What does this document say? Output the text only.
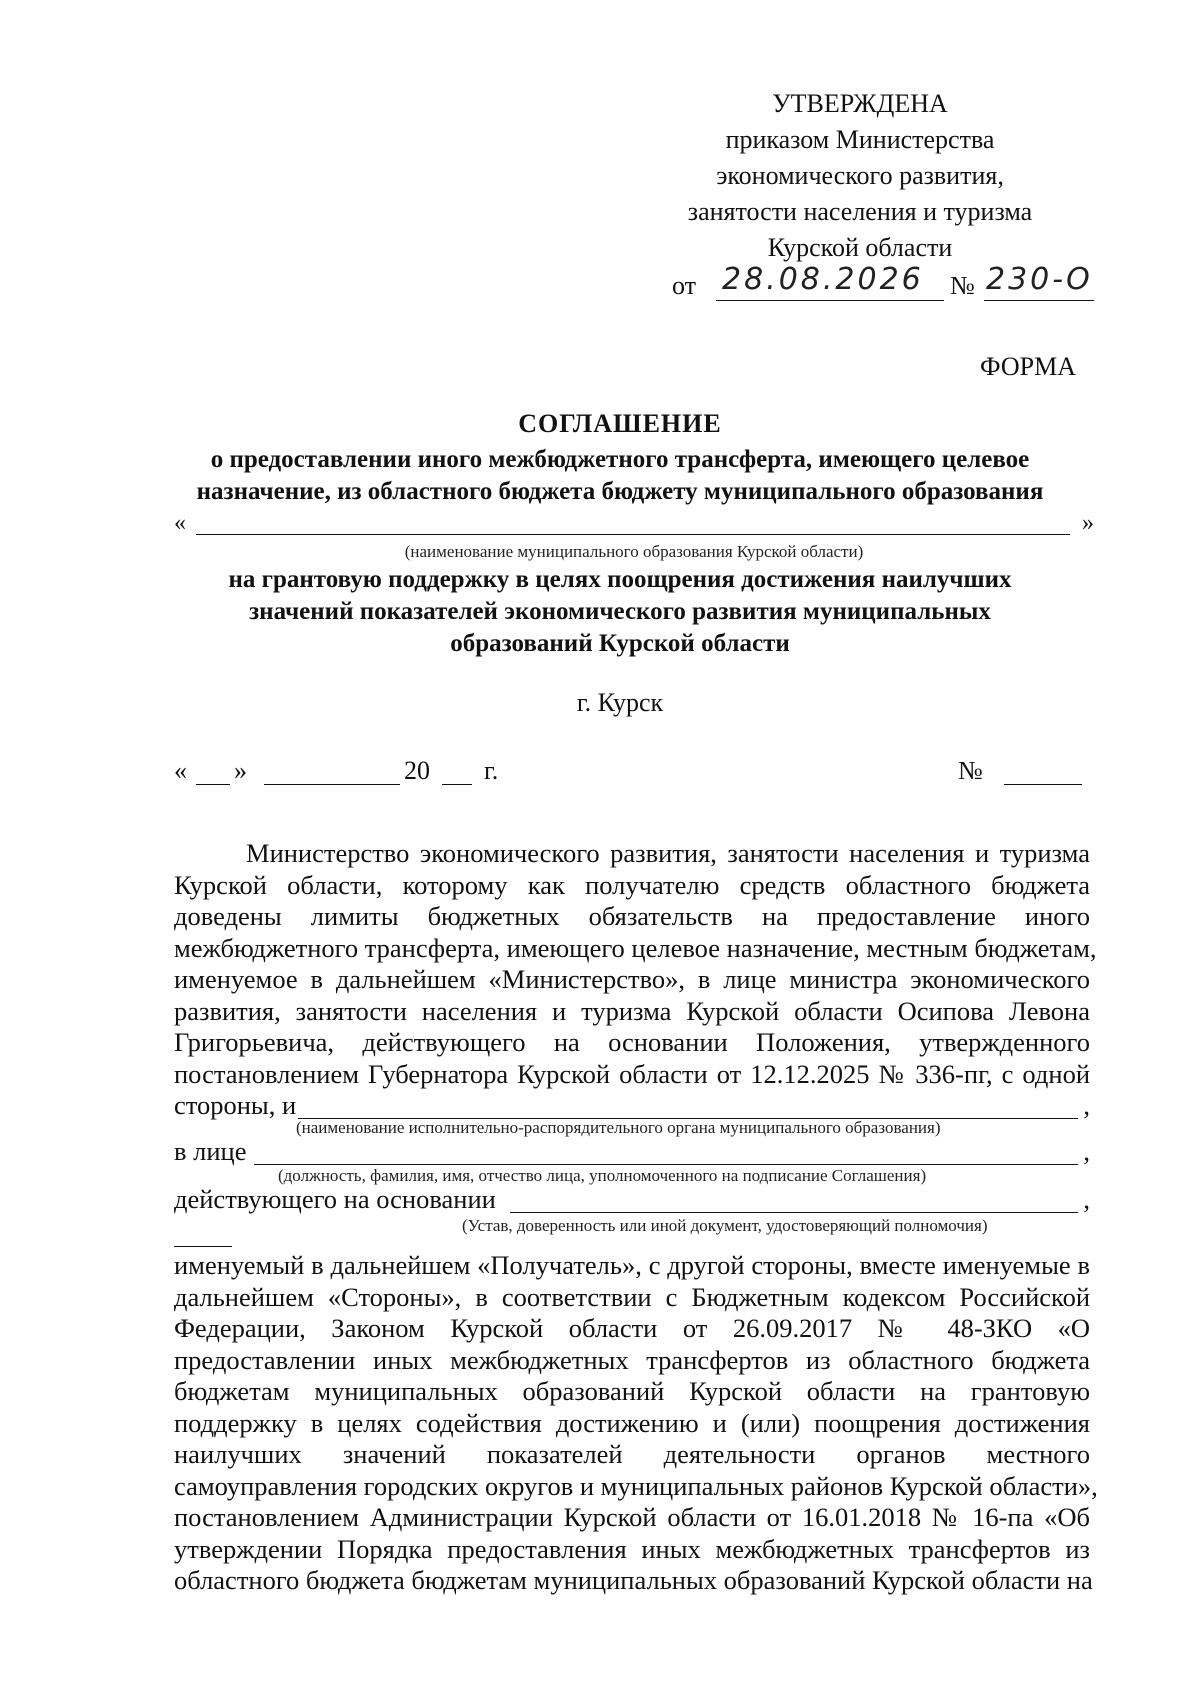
УТВЕРЖДЕНА
приказом Министерства
экономического развития,
занятости населения и туризма
Курской области
от 28.08.2026 № 230-О
ФОРМА
СОГЛАШЕНИЕ
о предоставлении иного межбюджетного трансферта, имеющего целевое
назначение, из областного бюджета бюджету муниципального образования
«	»
(наименование муниципального образования Курской области)
на грантовую поддержку в целях поощрения достижения наилучших
значений показателей экономического развития муниципальных
образований Курской области
г. Курск
« »	20 г.	№
Министерство экономического развития, занятости населения и туризма
Курской области, которому как получателю средств областного бюджета
доведены лимиты бюджетных обязательств на предоставление иного
межбюджетного трансферта, имеющего целевое назначение, местным бюджетам,
именуемое в дальнейшем «Министерство», в лице министра экономического
развития, занятости населения и туризма Курской области Осипова Левона
Григорьевича, действующего на основании Положения, утвержденного
постановлением Губернатора Курской области от 12.12.2025 № 336-пг, с одной
стороны, и	,
(наименование исполнительно-распорядительного органа муниципального образования)
в лице	,
(должность, фамилия, имя, отчество лица, уполномоченного на подписание Соглашения)
действующего на основании	,
(Устав, доверенность или иной документ, удостоверяющий полномочия)
именуемый в дальнейшем «Получатель», с другой стороны, вместе именуемые в
дальнейшем «Стороны», в соответствии с Бюджетным кодексом Российской
Федерации, Законом Курской области от 26.09.2017 № 48-ЗКО «О
предоставлении иных межбюджетных трансфертов из областного бюджета
бюджетам муниципальных образований Курской области на грантовую
поддержку в целях содействия достижению и (или) поощрения достижения
наилучших значений показателей деятельности органов местного
самоуправления городских округов и муниципальных районов Курской области»,
постановлением Администрации Курской области от 16.01.2018 № 16-па «Об
утверждении Порядка предоставления иных межбюджетных трансфертов из
областного бюджета бюджетам муниципальных образований Курской области на
